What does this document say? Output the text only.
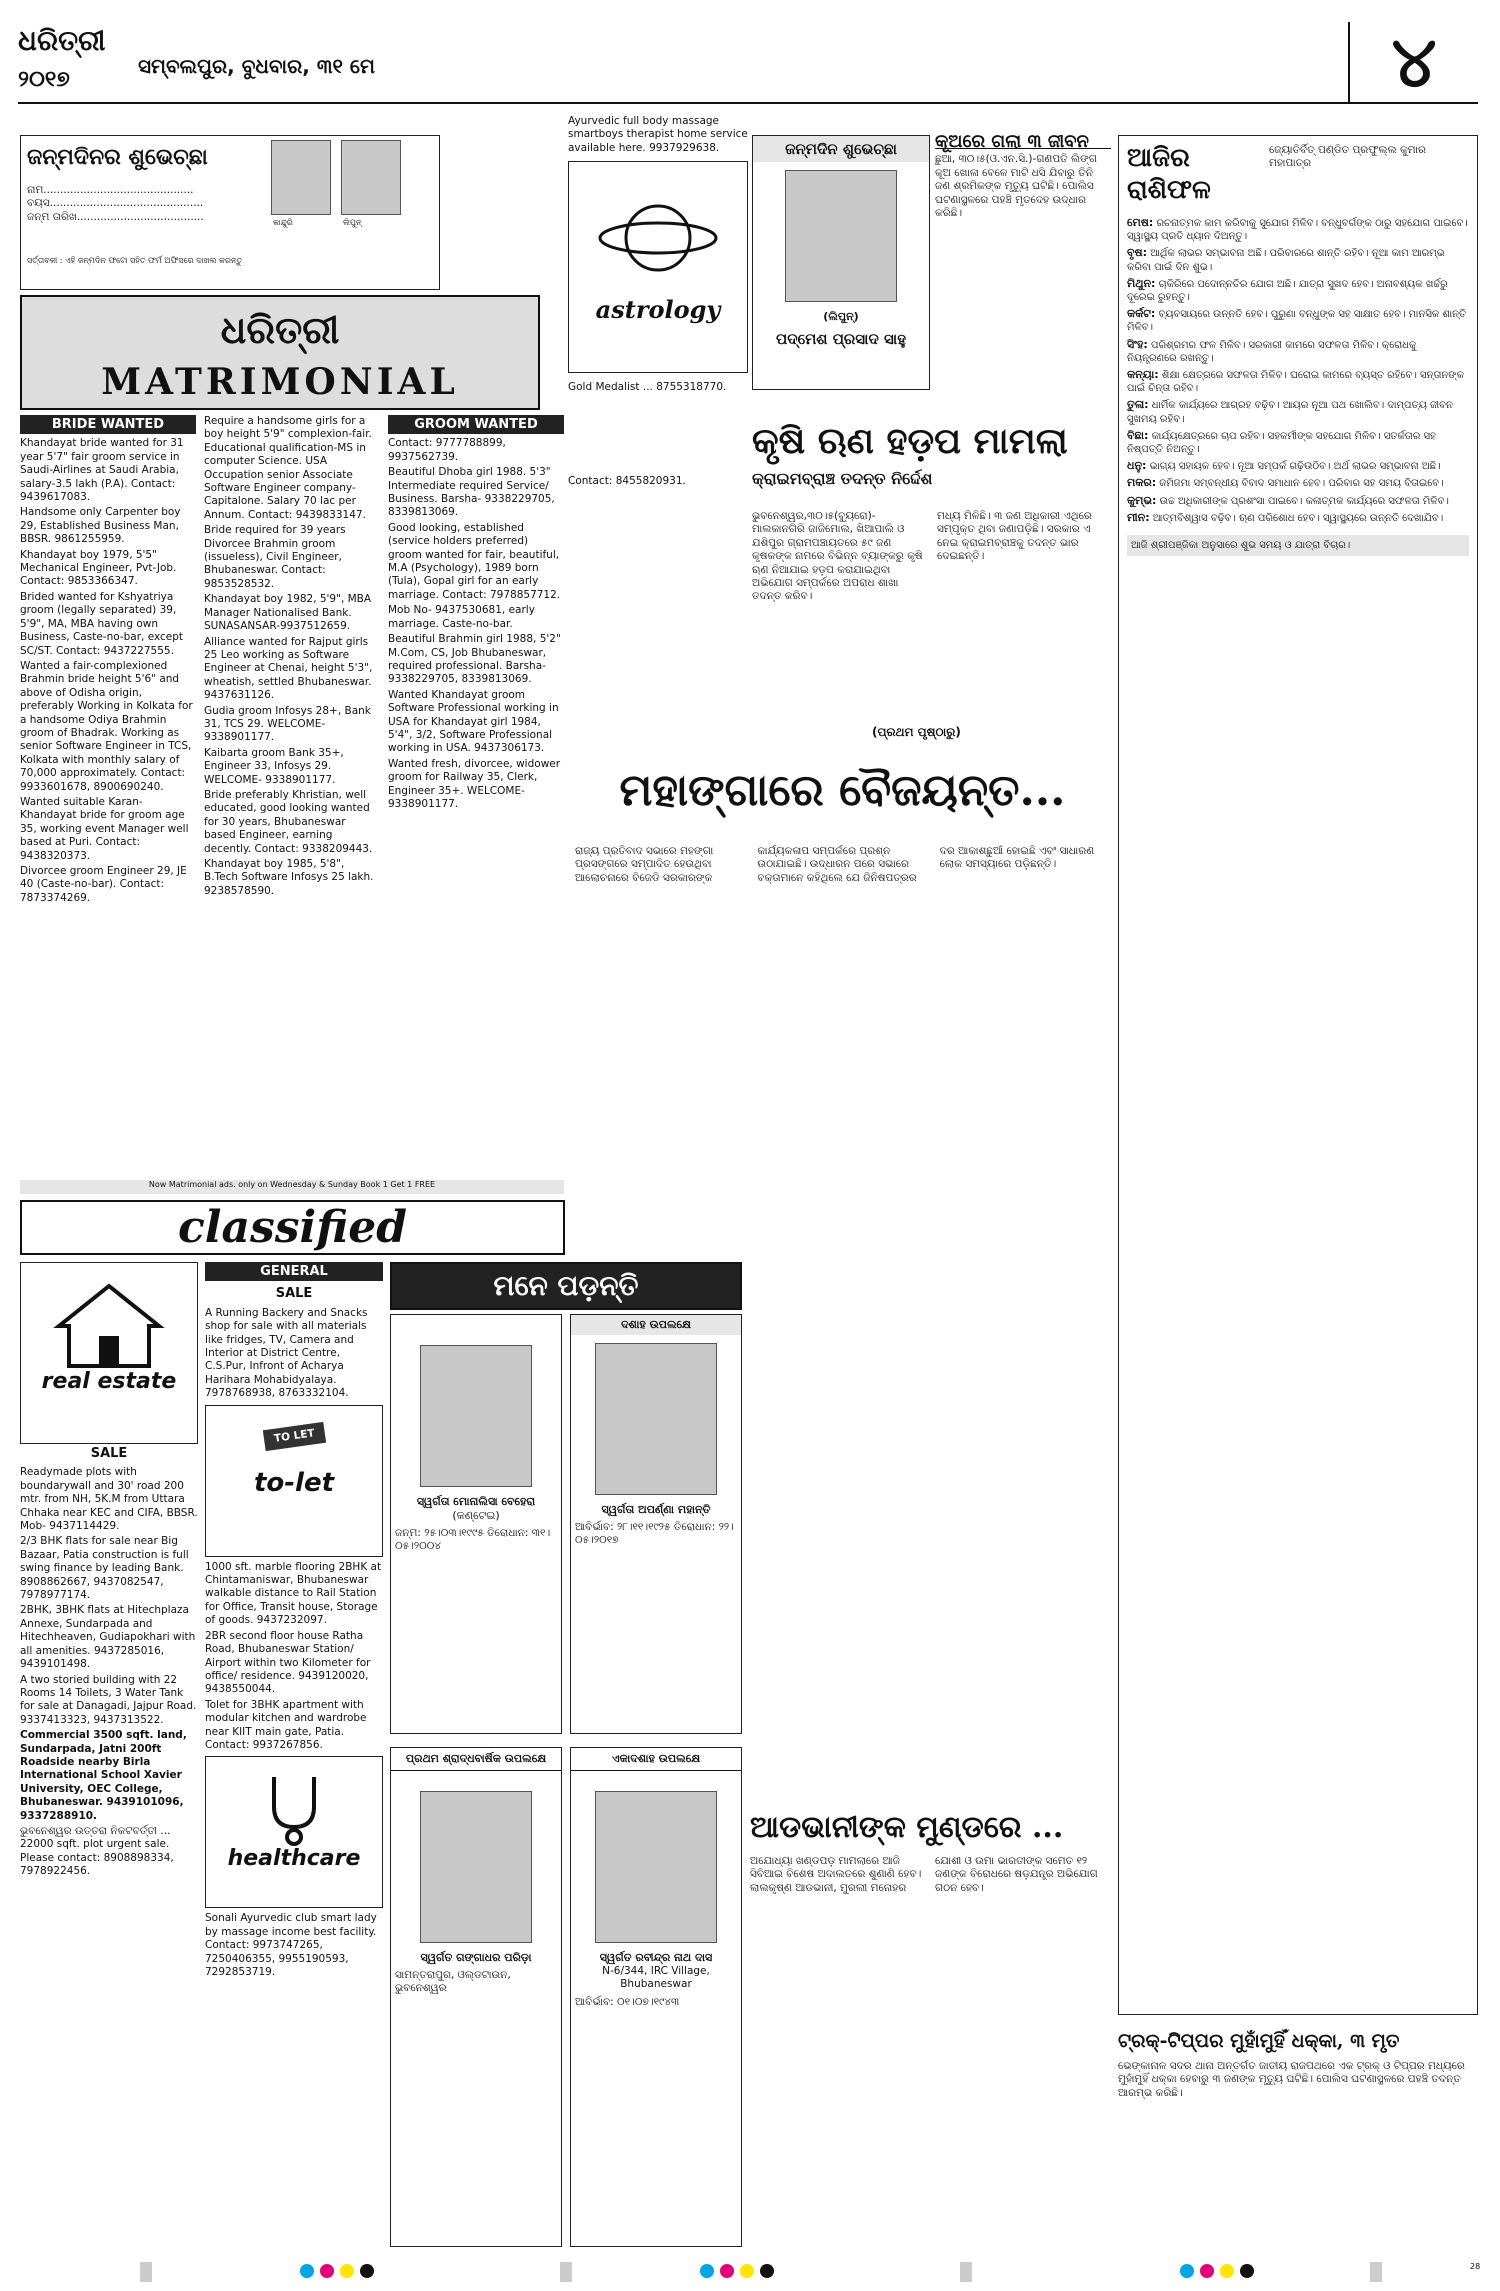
ଧରିତ୍ରୀ
୨୦୧୭	ସମ୍ବଲପୁର, ବୁଧବାର, ୩୧ ମେ	୪
ଜନ୍ମଦିନର ଶୁଭେଚ୍ଛା
ନାମ.............................................
ବୟସ..............................................
ଜନ୍ମ ତାରିଖ......................................	କାନ୍ଦୁରି	ଲିପୁନ୍
ସର୍ତ୍ତାବଳୀ : ଏହି ଜନ୍ମଦିନ ଫଟୋ ସହିତ ଫର୍ମ ଅଫିସରେ ଦାଖଲ କରନ୍ତୁ
ଧରିତ୍ରୀ
MATRIMONIAL
BRIDE WANTED

Khandayat bride wanted for 31 year 5'7" fair groom service in Saudi-Airlines at Saudi Arabia, salary-3.5 lakh (P.A). Contact: 9439617083.

Handsome only Carpenter boy 29, Established Business Man, BBSR. 9861255959.

Khandayat boy 1979, 5'5" Mechanical Engineer, Pvt-Job. Contact: 9853366347.

Brided wanted for Kshyatriya groom (legally separated) 39, 5'9", MA, MBA having own Business, Caste-no-bar, except SC/ST. Contact: 9437227555.

Wanted a fair-complexioned Brahmin bride height 5'6" and above of Odisha origin, preferably Working in Kolkata for a handsome Odiya Brahmin groom of Bhadrak. Working as senior Software Engineer in TCS, Kolkata with monthly salary of 70,000 approximately. Contact: 9933601678, 8900690240.

Wanted suitable Karan-Khandayat bride for groom age 35, working event Manager well based at Puri. Contact: 9438320373.

Divorcee groom Engineer 29, JE 40 (Caste-no-bar). Contact: 7873374269.

Require a handsome girls for a boy height 5'9" complexion-fair. Educational qualification-MS in computer Science. USA Occupation senior Associate Software Engineer company-Capitalone. Salary 70 lac per Annum. Contact: 9439833147.

Bride required for 39 years Divorcee Brahmin groom (issueless), Civil Engineer, Bhubaneswar. Contact: 9853528532.

Khandayat boy 1982, 5'9", MBA Manager Nationalised Bank. SUNASANSAR-9937512659.

Alliance wanted for Rajput girls 25 Leo working as Software Engineer at Chenai, height 5'3", wheatish, settled Bhubaneswar. 9437631126.

Gudia groom Infosys 28+, Bank 31, TCS 29. WELCOME- 9338901177.

Kaibarta groom Bank 35+, Engineer 33, Infosys 29. WELCOME- 9338901177.

Bride preferably Khristian, well educated, good looking wanted for 30 years, Bhubaneswar based Engineer, earning decently. Contact: 9338209443.

Khandayat boy 1985, 5'8", B.Tech Software Infosys 25 lakh. 9238578590.

GROOM WANTED

Contact: 9777788899, 9937562739.

Beautiful Dhoba girl 1988. 5'3" Intermediate required Service/ Business. Barsha- 9338229705, 8339813069.

Good looking, established (service holders preferred) groom wanted for fair, beautiful, M.A (Psychology), 1989 born (Tula), Gopal girl for an early marriage. Contact: 7978857712.

Mob No- 9437530681, early marriage. Caste-no-bar.

Beautiful Brahmin girl 1988, 5'2" M.Com, CS, Job Bhubaneswar, required professional. Barsha- 9338229705, 8339813069.

Wanted Khandayat groom Software Professional working in USA for Khandayat girl 1984, 5'4", 3/2, Software Professional working in USA. 9437306173.

Wanted fresh, divorcee, widower groom for Railway 35, Clerk, Engineer 35+. WELCOME- 9338901177.

Now Matrimonial ads. only on Wednesday & Sunday Book 1 Get 1 FREE
Ayurvedic full body massage smartboys therapist home service available here. 9937929638.
astrology
Gold Medalist ... 8755318770.
Contact: 8455820931.
ଜନ୍ମଦିନ ଶୁଭେଚ୍ଛା
(ଲିପୁନ୍)
ପଦ୍ମେଶ ପ୍ରସାଦ ସାହୁ
କୂଅରେ ଗଲା ୩ ଜୀବନ
ଛୁଆ, ୩୦।୫(ଓ.ଏନ.ସି.)-ଗଣପତି ଲିଙ୍ଗ କୂଅ ଖୋଳା ବେଳେ ମାଟି ଧସି ଯିବାରୁ ତିନି ଜଣ ଶ୍ରମିକଙ୍କ ମୃତ୍ୟୁ ଘଟିଛି। ପୋଲିସ ଘଟଣାସ୍ଥଳରେ ପହଞ୍ଚି ମୃତଦେହ ଉଦ୍ଧାର କରିଛି।
କୃଷି ଋଣ ହଡ଼ପ ମାମଲା
କ୍ରାଇମବ୍ରାଞ୍ଚ ତଦନ୍ତ ନିର୍ଦ୍ଦେଶ
ଭୁବନେଶ୍ୱର,୩୦।୫(ବ୍ୟୁରୋ)- ମାଲକାନଗିରି ଜାଜିମୋଲ, ଖିଆପାଲି ଓ ଯଶିପୁର ଗ୍ରାମପଞ୍ଚାୟତରେ ୫୯ ଜଣ କୃଷକଙ୍କ ନାମରେ ବିଭିନ୍ନ ବ୍ୟାଙ୍କରୁ କୃଷି ଋଣ ନିଆଯାଇ ହଡ଼ପ କରାଯାଇଥିବା ଅଭିଯୋଗ ସମ୍ପର୍କରେ ଅପରାଧ ଶାଖା ତଦନ୍ତ କରିବ।
ମଧ୍ୟ ମିଳିଛି। ୩ ଜଣ ଅଧିକାରୀ ଏଥିରେ ସମ୍ପୃକ୍ତ ଥିବା ଜଣାପଡ଼ିଛି। ସରକାର ଏ ନେଇ କ୍ରାଇମବ୍ରାଞ୍ଚକୁ ତଦନ୍ତ ଭାର ଦେଇଛନ୍ତି।
(ପ୍ରଥମ ପୃଷ୍ଠାରୁ)
ମହାଙ୍ଗାରେ ବୈଜୟନ୍ତ...
ରାଜ୍ୟ ପ୍ରତିବାଦ ସଭାରେ ମହଙ୍ଗା ପ୍ରସଙ୍ଗରେ ସମ୍ପାଦିତ ହେଉଥିବା ଆଲୋଚନାରେ ବିଜେଡି ସରକାରଙ୍କ କାର୍ଯ୍ୟକଳାପ ସମ୍ପର୍କରେ ପ୍ରଶ୍ନ ଉଠାଯାଇଛି। ଉଦ୍ଧାରନ ପରେ ସଭାରେ ବକ୍ତାମାନେ କହିଥିଲେ ଯେ ଜିନିଷପତ୍ରର ଦର ଆକାଶଛୁଆଁ ହୋଇଛି ଏବଂ ସାଧାରଣ ଲୋକ ସମସ୍ୟାରେ ପଡ଼ିଛନ୍ତି।
classified
real estate
SALE

Readymade plots with boundarywall and 30' road 200 mtr. from NH, 5K.M from Uttara Chhaka near KEC and CIFA, BBSR. Mob- 9437114429.

2/3 BHK flats for sale near Big Bazaar, Patia construction is full swing finance by leading Bank. 8908862667, 9437082547, 7978977174.

2BHK, 3BHK flats at Hitechplaza Annexe, Sundarpada and Hitechheaven, Gudiapokhari with all amenities. 9437285016, 9439101498.

A two storied building with 22 Rooms 14 Toilets, 3 Water Tank for sale at Danagadi, Jajpur Road. 9337413323, 9437313522.

Commercial 3500 sqft. land, Sundarpada, Jatni 200ft Roadside nearby Birla International School Xavier University, OEC College, Bhubaneswar. 9439101096, 9337288910.

ଭୁବନେଶ୍ୱର ଉତ୍ତରା ନିକଟବର୍ତ୍ତୀ ... 22000 sqft. plot urgent sale. Please contact: 8908898334, 7978922456.

GENERAL
SALE

A Running Backery and Snacks shop for sale with all materials like fridges, TV, Camera and Interior at District Centre, C.S.Pur, Infront of Acharya Harihara Mohabidyalaya. 7978768938, 8763332104.

TO LET
to-let

1000 sft. marble flooring 2BHK at Chintamaniswar, Bhubaneswar walkable distance to Rail Station for Office, Transit house, Storage of goods. 9437232097.

2BR second floor house Ratha Road, Bhubaneswar Station/ Airport within two Kilometer for office/ residence. 9439120020, 9438550044.

Tolet for 3BHK apartment with modular kitchen and wardrobe near KIIT main gate, Patia. Contact: 9937267856.

healthcare

Sonali Ayurvedic club smart lady by massage income best facility. Contact: 9973747265, 7250406355, 9955190593, 7292853719.

ମନେ ପଡ଼ନ୍ତି
ସ୍ୱର୍ଗତା ମୋନାଲିସା ବେହେରା
(କଣ୍ଟେଇ)
ଜନ୍ମ: ୨୫।୦୩।୧୯୯୫ ତିରୋଧାନ: ୩୧।୦୫।୨୦୦୪
ଦଶାହ ଉପଲକ୍ଷେ
ସ୍ୱର୍ଗତା ଅପର୍ଣ୍ଣା ମହାନ୍ତି
ଆବିର୍ଭାବ: ୨୮।୧୧।୧୯୨୫ ତିରୋଧାନ: ୨୨।୦୫।୨୦୧୭
ପ୍ରଥମ ଶ୍ରାଦ୍ଧବାର୍ଷିକ ଉପଲକ୍ଷେ
ସ୍ୱର୍ଗତ ଗଙ୍ଗାଧର ପରିଡ଼ା
ସାମନ୍ତରାପୁର, ଓଲ୍ଡଟାଉନ, ଭୁବନେଶ୍ୱର
ଏକାଦଶାହ ଉପଲକ୍ଷେ
ସ୍ୱର୍ଗତ ରବୀନ୍ଦ୍ର ନାଥ ଦାସ
N-6/344, IRC Village, Bhubaneswar
ଆବିର୍ଭାବ: ୦୧।୦୭।୧୯୪୩
ଆଡଭାନୀଙ୍କ ମୁଣ୍ଡରେ ...
ଅଯୋଧ୍ୟା ଖଣ୍ଡପଡ଼ ମାମଲାରେ ଆଜି ସିବିଆଇ ବିଶେଷ ଅଦାଲତରେ ଶୁଣାଣି ହେବ। ଲାଲକୃଷ୍ଣ ଆଡଭାନୀ, ମୁରଲୀ ମନୋହର ଯୋଶୀ ଓ ଉମା ଭାରତୀଙ୍କ ସମେତ ୧୨ ଜଣଙ୍କ ବିରୋଧରେ ଷଡ଼ଯନ୍ତ୍ର ଅଭିଯୋଗ ଗଠନ ହେବ।
ଆଜିର ରାଶିଫଳ
ଜ୍ୟୋତିର୍ବିତ୍ ପଣ୍ଡିତ ପ୍ରଫୁଲ୍ଲ କୁମାର ମହାପାତ୍ର
ମେଷ: ରଚନାତ୍ମକ କାମ କରିବାକୁ ସୁଯୋଗ ମିଳିବ। ବନ୍ଧୁବର୍ଗଙ୍କ ଠାରୁ ସହଯୋଗ ପାଇବେ। ସ୍ୱାସ୍ଥ୍ୟ ପ୍ରତି ଧ୍ୟାନ ଦିଅନ୍ତୁ।
ବୃଷ: ଆର୍ଥିକ ଲାଭର ସମ୍ଭାବନା ଅଛି। ପରିବାରରେ ଶାନ୍ତି ରହିବ। ନୂଆ କାମ ଆରମ୍ଭ କରିବା ପାଇଁ ଦିନ ଶୁଭ।
ମିଥୁନ: ଚାକିରିରେ ପଦୋନ୍ନତିର ଯୋଗ ଅଛି। ଯାତ୍ରା ସୁଖଦ ହେବ। ଅନାବଶ୍ୟକ ଖର୍ଚ୍ଚରୁ ଦୂରେଇ ରୁହନ୍ତୁ।
କର୍କଟ: ବ୍ୟବସାୟରେ ଉନ୍ନତି ହେବ। ପୁରୁଣା ବନ୍ଧୁଙ୍କ ସହ ସାକ୍ଷାତ ହେବ। ମାନସିକ ଶାନ୍ତି ମିଳିବ।
ସିଂହ: ପରିଶ୍ରମର ଫଳ ମିଳିବ। ସରକାରୀ କାମରେ ସଫଳତା ମିଳିବ। କ୍ରୋଧକୁ ନିୟନ୍ତ୍ରଣରେ ରଖନ୍ତୁ।
କନ୍ୟା: ଶିକ୍ଷା କ୍ଷେତ୍ରରେ ସଫଳତା ମିଳିବ। ଘରୋଇ କାମରେ ବ୍ୟସ୍ତ ରହିବେ। ସନ୍ତାନଙ୍କ ପାଇଁ ଚିନ୍ତା ରହିବ।
ତୁଳା: ଧାର୍ମିକ କାର୍ଯ୍ୟରେ ଆଗ୍ରହ ବଢ଼ିବ। ଆୟର ନୂଆ ପଥ ଖୋଲିବ। ଦାମ୍ପତ୍ୟ ଜୀବନ ସୁଖମୟ ରହିବ।
ବିଛା: କାର୍ଯ୍ୟକ୍ଷେତ୍ରରେ ଚାପ ରହିବ। ସହକର୍ମୀଙ୍କ ସହଯୋଗ ମିଳିବ। ସତର୍କତାର ସହ ନିଷ୍ପତ୍ତି ନିଅନ୍ତୁ।
ଧନୁ: ଭାଗ୍ୟ ସହାୟକ ହେବ। ନୂଆ ସମ୍ପର୍କ ଗଢ଼ିଉଠିବ। ଅର୍ଥ ଲାଭର ସମ୍ଭାବନା ଅଛି।
ମକର: ଜମିଜମା ସମ୍ବନ୍ଧୀୟ ବିବାଦ ସମାଧାନ ହେବ। ପରିବାର ସହ ସମୟ ବିତାଇବେ।
କୁମ୍ଭ: ଉଚ୍ଚ ଅଧିକାରୀଙ୍କ ପ୍ରଶଂସା ପାଇବେ। କଳାତ୍ମକ କାର୍ଯ୍ୟରେ ସଫଳତା ମିଳିବ।
ମୀନ: ଆତ୍ମବିଶ୍ୱାସ ବଢ଼ିବ। ଋଣ ପରିଶୋଧ ହେବ। ସ୍ୱାସ୍ଥ୍ୟରେ ଉନ୍ନତି ଦେଖାଯିବ।
ଆଜି ଶ୍ରୀପଞ୍ଜିକା ଅନୁସାରେ ଶୁଭ ସମୟ ଓ ଯାତ୍ରା ବିଚାର।
ଟ୍ରକ୍-ଟିପ୍ପର ମୁହାଁମୁହିଁ ଧକ୍କା, ୩ ମୃତ
ଭେଙ୍କାନାଳ ସଦର ଥାନା ଅନ୍ତର୍ଗତ ଜାତୀୟ ରାଜପଥରେ ଏକ ଟ୍ରକ୍ ଓ ଟିପ୍ପର ମଧ୍ୟରେ ମୁହାଁମୁହିଁ ଧକ୍କା ହେବାରୁ ୩ ଜଣଙ୍କ ମୃତ୍ୟୁ ଘଟିଛି। ପୋଲିସ ଘଟଣାସ୍ଥଳରେ ପହଞ୍ଚି ତଦନ୍ତ ଆରମ୍ଭ କରିଛି।
28
